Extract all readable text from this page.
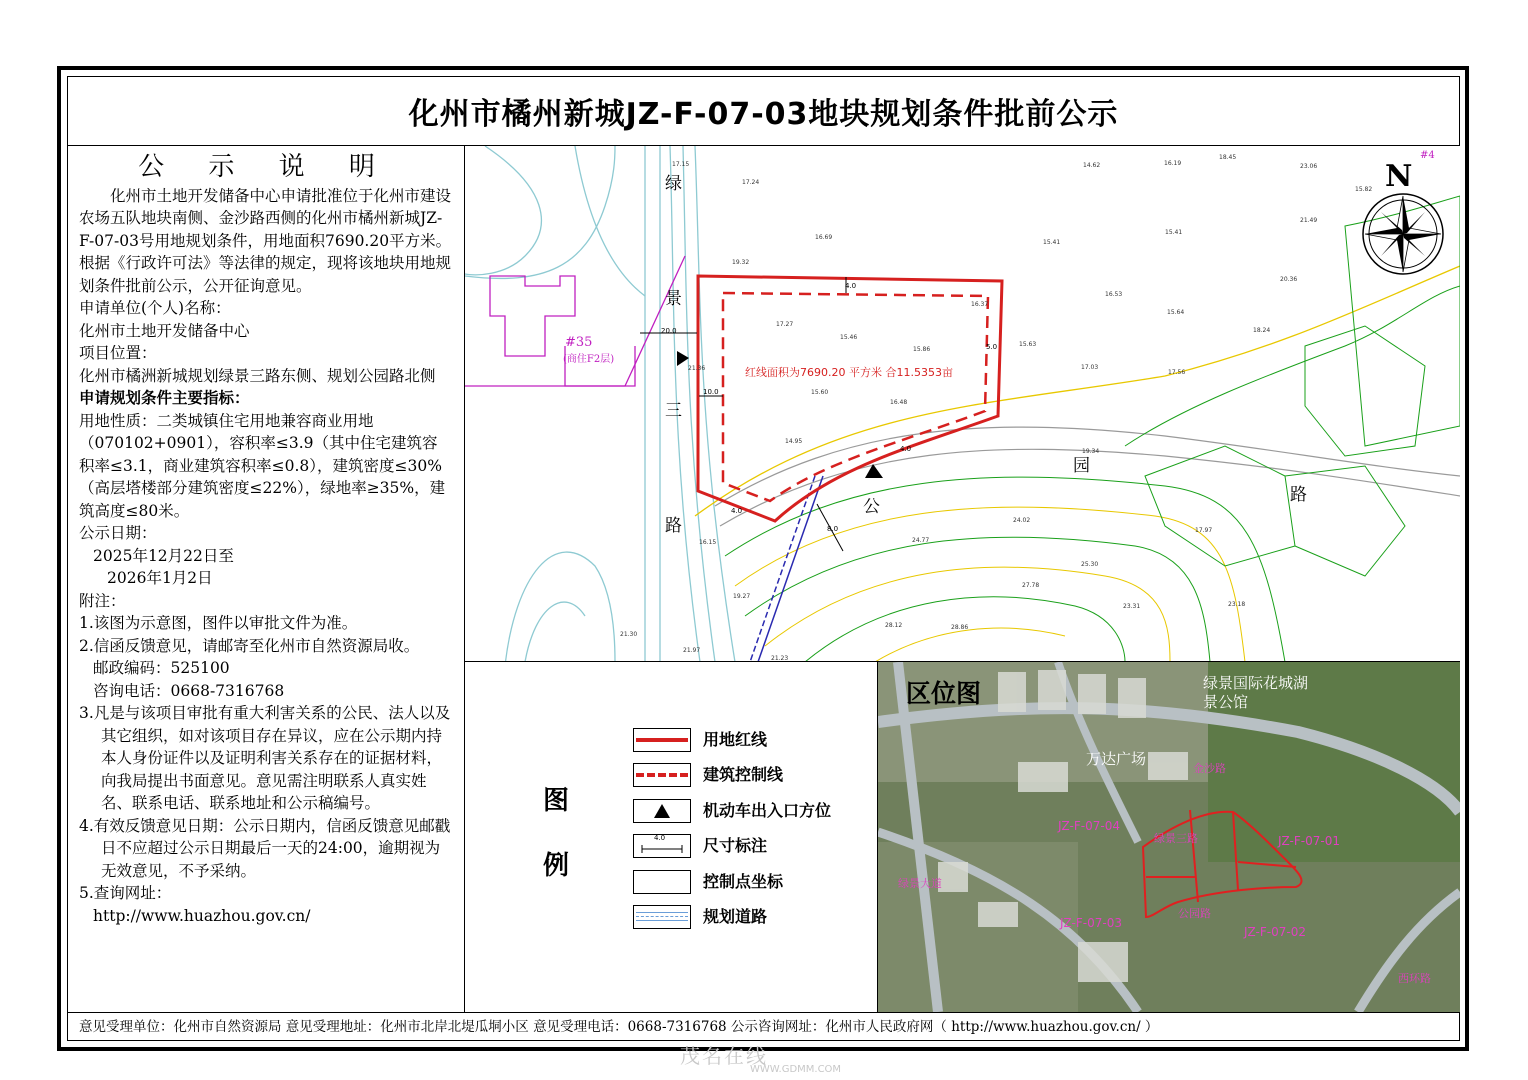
化州市橘州新城JZ-F-07-03地块规划条件批前公示
公 示 说 明

化州市土地开发储备中心申请批准位于化州市建设农场五队地块南侧、金沙路西侧的化州市橘州新城JZ-F-07-03号用地规划条件，用地面积7690.20平方米。根据《行政许可法》等法律的规定，现将该地块用地规划条件批前公示，公开征询意见。

申请单位(个人)名称：

化州市土地开发储备中心

项目位置：

化州市橘洲新城规划绿景三路东侧、规划公园路北侧

申请规划条件主要指标：

用地性质：二类城镇住宅用地兼容商业用地（070102+0901），容积率≤3.9（其中住宅建筑容积率≤3.1，商业建筑容积率≤0.8），建筑密度≤30%（高层塔楼部分建筑密度≤22%），绿地率≥35%，建筑高度≤80米。

公示日期：

2025年12月22日至

2026年1月2日

附注：

1.该图为示意图，图件以审批文件为准。

2.信函反馈意见，请邮寄至化州市自然资源局收。

邮政编码：525100

咨询电话：0668-7316768

3.凡是与该项目审批有重大利害关系的公民、法人以及其它组织，如对该项目存在异议，应在公示期内持本人身份证件以及证明利害关系存在的证据材料，向我局提出书面意见。意见需注明联系人真实姓名、联系电话、联系地址和公示稿编号。

4.有效反馈意见日期：公示日期内，信函反馈意见邮戳日不应超过公示日期最后一天的24:00，逾期视为无效意见，不予采纳。

5.查询网址：

http://www.huazhou.gov.cn/

#35
(商住F2层)
#4
红线面积为7690.20 平方米 合11.5353亩
绿
景
三
路
园
路
公
4.0
20.0
10.0
5.0
4.0
8.0
4.0
17.15
17.24
16.69
19.32
17.27
15.46
15.86
15.60
16.48
14.95
21.36
14.62	16.19
18.45
23.06
15.82
21.49
15.41
15.41
20.36
16.53
15.64
16.37
15.63
18.24
17.03
17.56
19.34
24.02
24.77
25.30
27.78
23.31
28.12	28.86
23.18
17.97
16.15
19.27
21.30
21.97
21.23
N
图
例
用地红线
建筑控制线
机动车出入口方位
4.0 尺寸标注
控制点坐标
规划道路
JZ-F-07-04
JZ-F-07-01
JZ-F-07-03
JZ-F-07-02
绿景三路
公园路
金沙路
绿景大道
西环路
区位图	绿景国际花城湖景公馆
万达广场
意见受理单位：化州市自然资源局 意见受理地址：化州市北岸北堤瓜垌小区 意见受理电话：0668-7316768 公示咨询网址：化州市人民政府网（ http://www.huazhou.gov.cn/ ）
茂名在线
WWW.GDMM.COM
